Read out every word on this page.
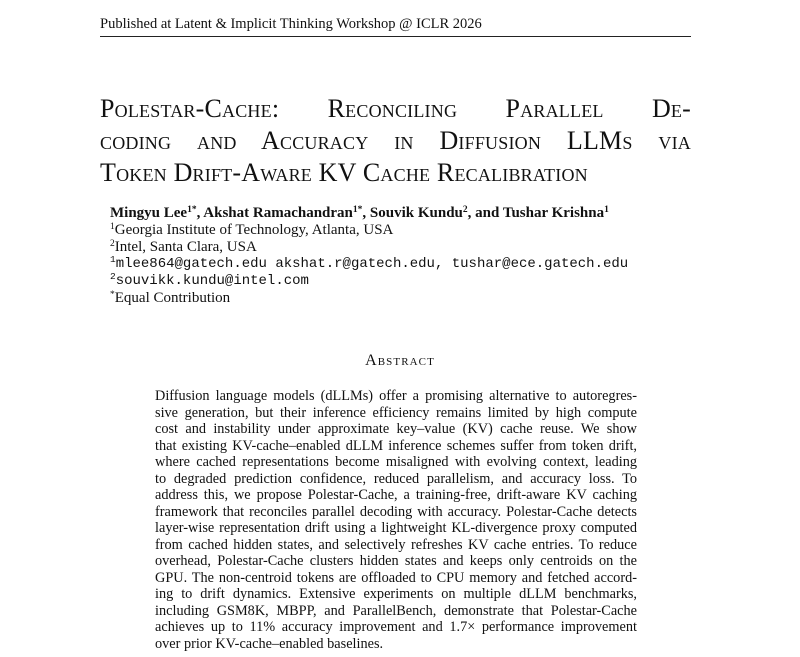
Published at Latent & Implicit Thinking Workshop @ ICLR 2026
Polestar-Cache: Reconciling Parallel De-
coding and Accuracy in Diffusion LLMs via
Token Drift-Aware KV Cache Recalibration
Mingyu Lee$^{1*}$, Akshat Ramachandran$^{1*}$, Souvik Kundu$^2$, and Tushar Krishna$^1$
$^1$Georgia Institute of Technology, Atlanta, USA
$^2$Intel, Santa Clara, USA
$^1$mlee864@gatech.edu akshat.r@gatech.edu, tushar@ece.gatech.edu
$^2$souvikk.kundu@intel.com
*Equal Contribution
Abstract
Diffusion language models (dLLMs) offer a promising alternative to autoregres-
sive generation, but their inference efficiency remains limited by high compute
cost and instability under approximate key–value (KV) cache reuse. We show
that existing KV-cache–enabled dLLM inference schemes suffer from token drift,
where cached representations become misaligned with evolving context, leading
to degraded prediction confidence, reduced parallelism, and accuracy loss. To
address this, we propose Polestar-Cache, a training-free, drift-aware KV caching
framework that reconciles parallel decoding with accuracy. Polestar-Cache detects
layer-wise representation drift using a lightweight KL-divergence proxy computed
from cached hidden states, and selectively refreshes KV cache entries. To reduce
overhead, Polestar-Cache clusters hidden states and keeps only centroids on the
GPU. The non-centroid tokens are offloaded to CPU memory and fetched accord-
ing to drift dynamics. Extensive experiments on multiple dLLM benchmarks,
including GSM8K, MBPP, and ParallelBench, demonstrate that Polestar-Cache
achieves up to 11% accuracy improvement and 1.7× performance improvement
over prior KV-cache–enabled baselines.
